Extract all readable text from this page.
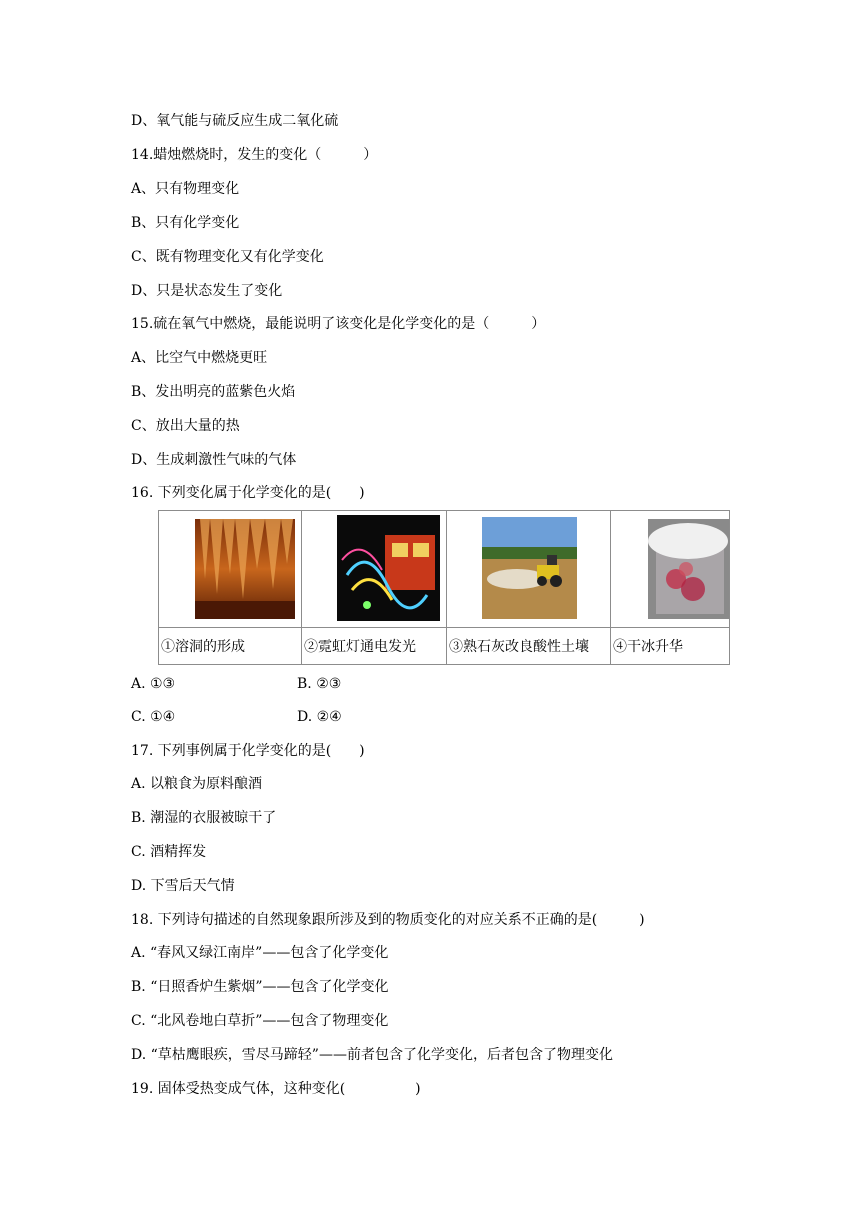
D、氧气能与硫反应生成二氧化硫
14.蜡烛燃烧时，发生的变化（　　　）
A、只有物理变化
B、只有化学变化
C、既有物理变化又有化学变化
D、只是状态发生了变化
15.硫在氧气中燃烧，最能说明了该变化是化学变化的是（　　　）
A、比空气中燃烧更旺
B、发出明亮的蓝紫色火焰
C、放出大量的热
D、生成刺激性气味的气体
16. 下列变化属于化学变化的是(　　)

①溶洞的形成	②霓虹灯通电发光	③熟石灰改良酸性土壤	④干冰升华
A. ①③	B. ②③
C. ①④	D. ②④
17. 下列事例属于化学变化的是(　　)
A. 以粮食为原料酿酒
B. 潮湿的衣服被晾干了
C. 酒精挥发
D. 下雪后天气情
18. 下列诗句描述的自然现象跟所涉及到的物质变化的对应关系不正确的是(　　　)
A. “春风又绿江南岸”——包含了化学变化
B. “日照香炉生紫烟”——包含了化学变化
C. “北风卷地白草折”——包含了物理变化
D. “草枯鹰眼疾，雪尽马蹄轻”——前者包含了化学变化，后者包含了物理变化
19. 固体受热变成气体，这种变化(　　　　　)
